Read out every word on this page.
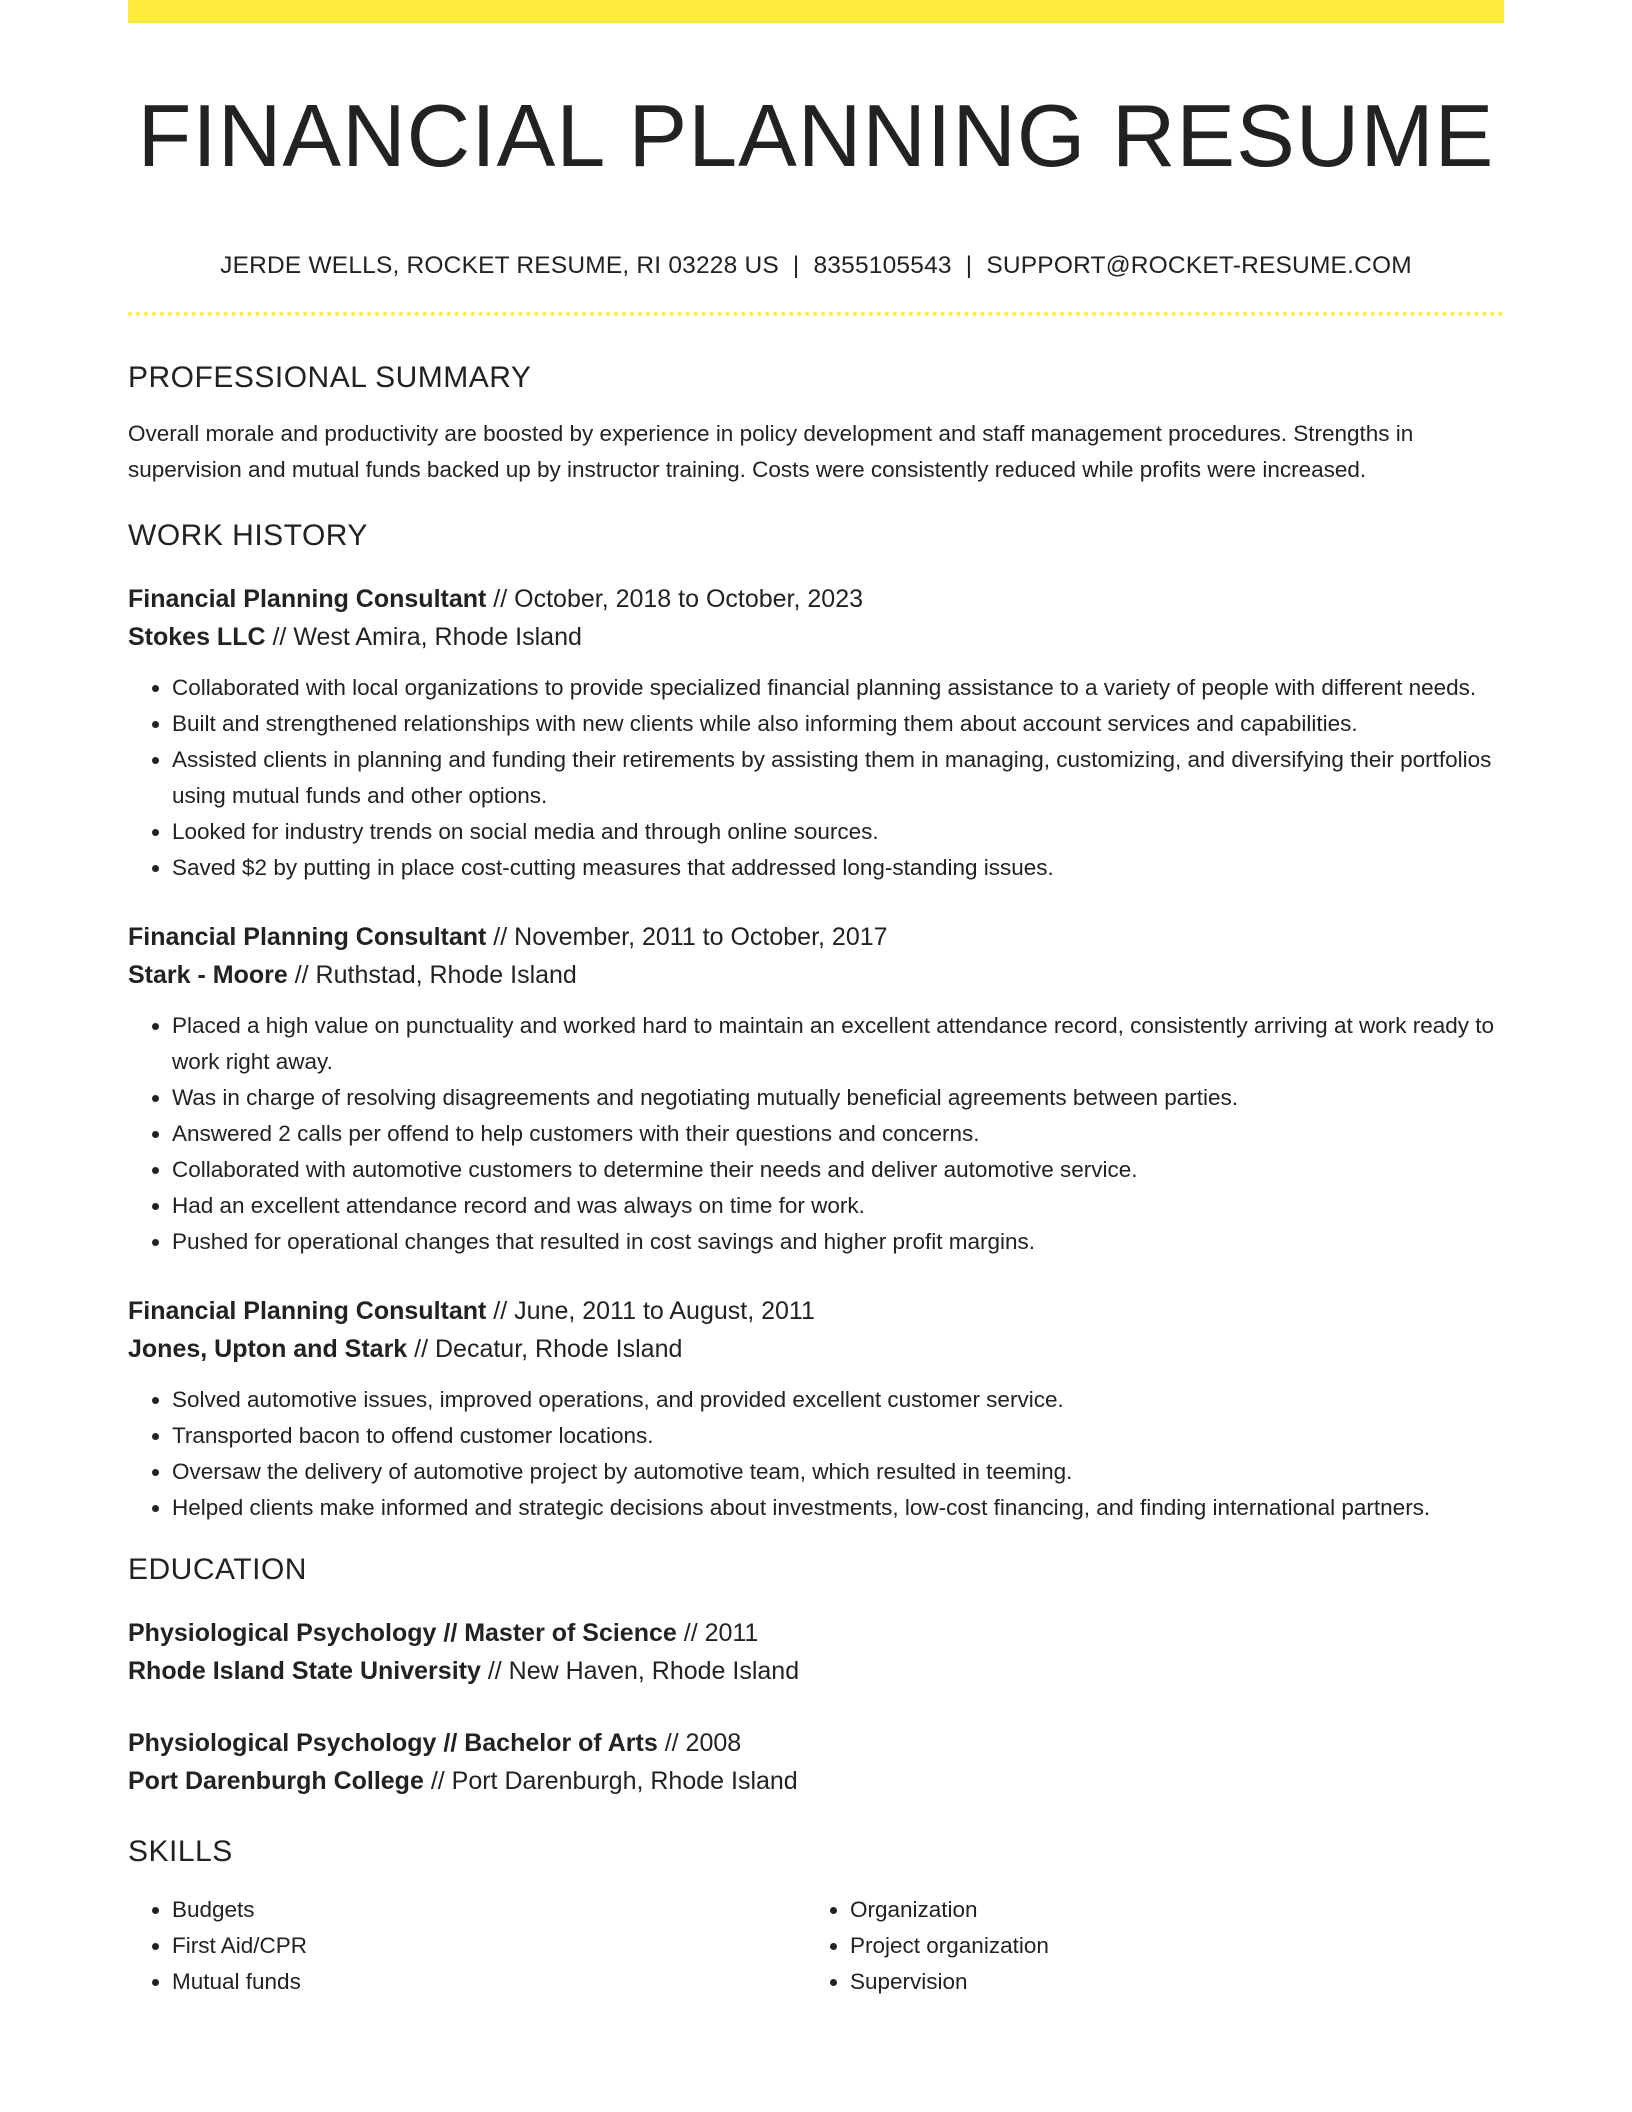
FINANCIAL PLANNING RESUME
JERDE WELLS, ROCKET RESUME, RI 03228 US | 8355105543 | SUPPORT@ROCKET-RESUME.COM
PROFESSIONAL SUMMARY
Overall morale and productivity are boosted by experience in policy development and staff management procedures. Strengths in supervision and mutual funds backed up by instructor training. Costs were consistently reduced while profits were increased.
WORK HISTORY
Financial Planning Consultant // October, 2018 to October, 2023
Stokes LLC // West Amira, Rhode Island
• Collaborated with local organizations to provide specialized financial planning assistance to a variety of people with different needs.
• Built and strengthened relationships with new clients while also informing them about account services and capabilities.
• Assisted clients in planning and funding their retirements by assisting them in managing, customizing, and diversifying their portfolios using mutual funds and other options.
• Looked for industry trends on social media and through online sources.
• Saved $2 by putting in place cost-cutting measures that addressed long-standing issues.
Financial Planning Consultant // November, 2011 to October, 2017
Stark - Moore // Ruthstad, Rhode Island
• Placed a high value on punctuality and worked hard to maintain an excellent attendance record, consistently arriving at work ready to work right away.
• Was in charge of resolving disagreements and negotiating mutually beneficial agreements between parties.
• Answered 2 calls per offend to help customers with their questions and concerns.
• Collaborated with automotive customers to determine their needs and deliver automotive service.
• Had an excellent attendance record and was always on time for work.
• Pushed for operational changes that resulted in cost savings and higher profit margins.
Financial Planning Consultant // June, 2011 to August, 2011
Jones, Upton and Stark // Decatur, Rhode Island
• Solved automotive issues, improved operations, and provided excellent customer service.
• Transported bacon to offend customer locations.
• Oversaw the delivery of automotive project by automotive team, which resulted in teeming.
• Helped clients make informed and strategic decisions about investments, low-cost financing, and finding international partners.
EDUCATION
Physiological Psychology // Master of Science // 2011
Rhode Island State University // New Haven, Rhode Island
Physiological Psychology // Bachelor of Arts // 2008
Port Darenburgh College // Port Darenburgh, Rhode Island
SKILLS
• Budgets
• First Aid/CPR
• Mutual funds
• Organization
• Project organization
• Supervision
